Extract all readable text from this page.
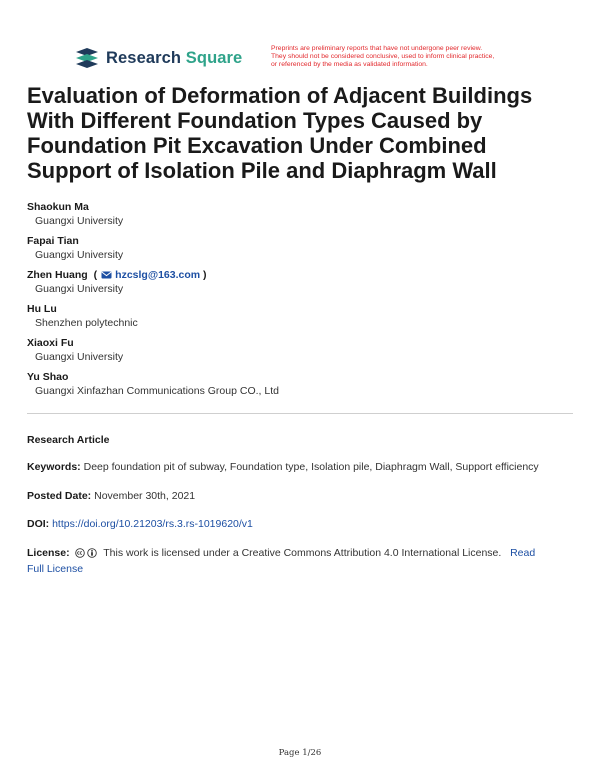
Research Square	Preprints are preliminary reports that have not undergone peer review.
They should not be considered conclusive, used to inform clinical practice,
or referenced by the media as validated information.
Evaluation of Deformation of Adjacent Buildings With Different Foundation Types Caused by Foundation Pit Excavation Under Combined Support of Isolation Pile and Diaphragm Wall
Shaokun Ma
Guangxi University
Fapai Tian
Guangxi University
Zhen Huang ( hzcslg@163.com )
Guangxi University
Hu Lu
Shenzhen polytechnic
Xiaoxi Fu
Guangxi University
Yu Shao
Guangxi Xinfazhan Communications Group CO., Ltd
Research Article
Keywords: Deep foundation pit of subway, Foundation type, Isolation pile, Diaphragm Wall, Support efficiency
Posted Date: November 30th, 2021
DOI: https://doi.org/10.21203/rs.3.rs-1019620/v1
License:	This work is licensed under a Creative Commons Attribution 4.0 International License. Read
Full License
Page 1/26
